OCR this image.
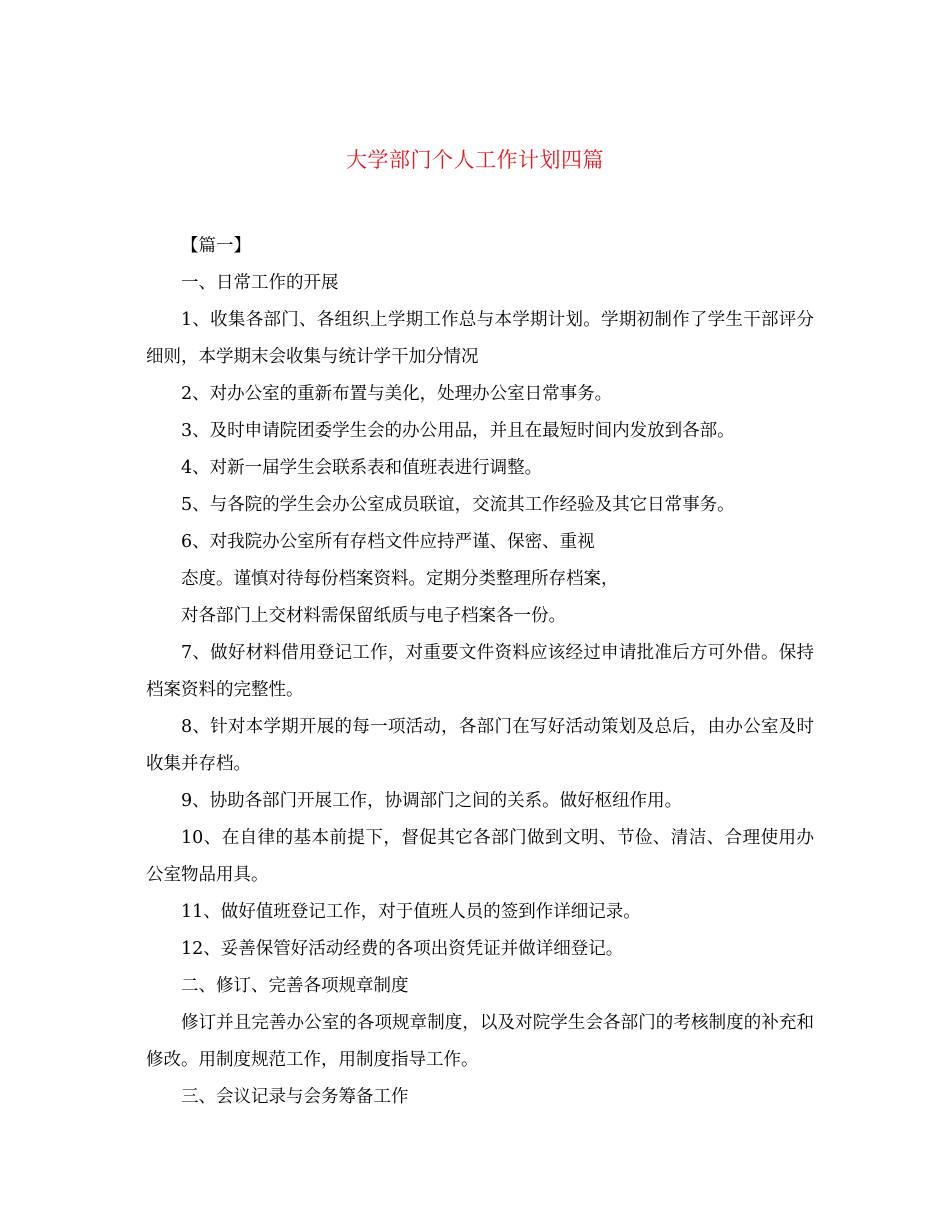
大学部门个人工作计划四篇

【篇一】

一、日常工作的开展

1、收集各部门、各组织上学期工作总与本学期计划。学期初制作了学生干部评分细则，本学期末会收集与统计学干加分情况

2、对办公室的重新布置与美化，处理办公室日常事务。

3、及时申请院团委学生会的办公用品，并且在最短时间内发放到各部。

4、对新一届学生会联系表和值班表进行调整。

5、与各院的学生会办公室成员联谊，交流其工作经验及其它日常事务。

6、对我院办公室所有存档文件应持严谨、保密、重视

态度。谨慎对待每份档案资料。定期分类整理所存档案，

对各部门上交材料需保留纸质与电子档案各一份。

7、做好材料借用登记工作，对重要文件资料应该经过申请批准后方可外借。保持档案资料的完整性。

8、针对本学期开展的每一项活动，各部门在写好活动策划及总后，由办公室及时收集并存档。

9、协助各部门开展工作，协调部门之间的关系。做好枢纽作用。

10、在自律的基本前提下，督促其它各部门做到文明、节俭、清洁、合理使用办公室物品用具。

11、做好值班登记工作，对于值班人员的签到作详细记录。

12、妥善保管好活动经费的各项出资凭证并做详细登记。

二、修订、完善各项规章制度

修订并且完善办公室的各项规章制度，以及对院学生会各部门的考核制度的补充和修改。用制度规范工作，用制度指导工作。

三、会议记录与会务筹备工作
